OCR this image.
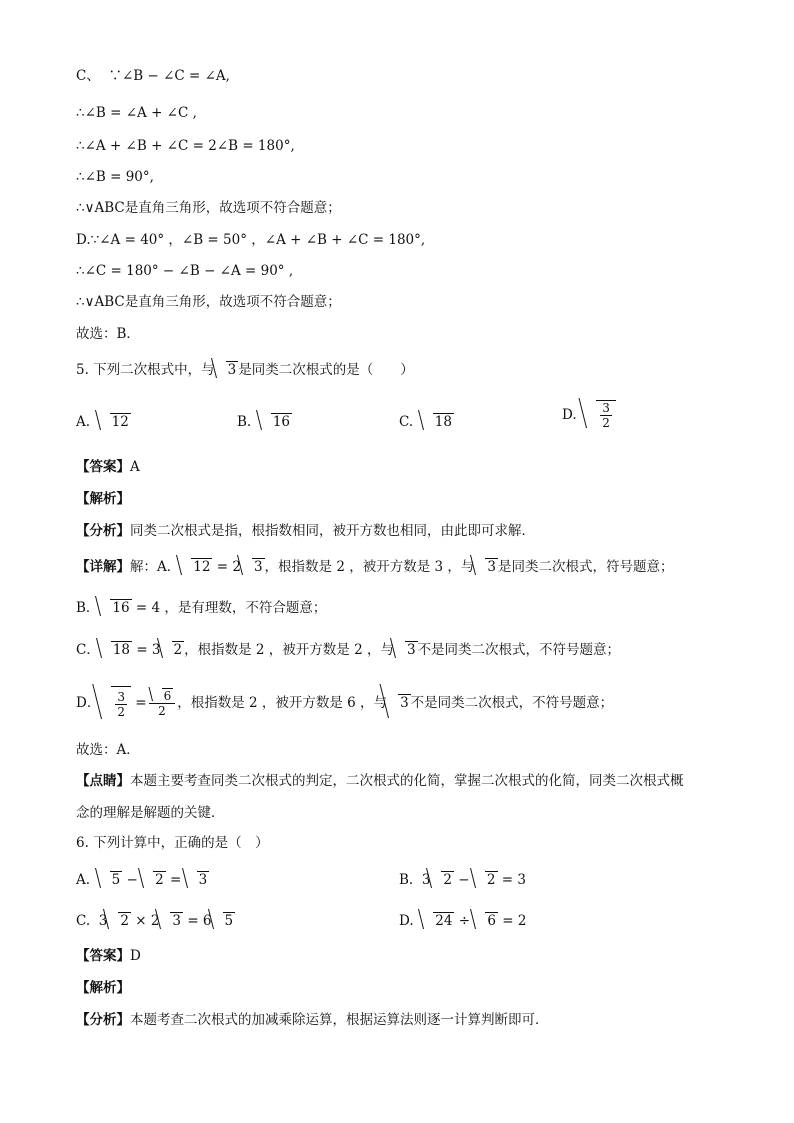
C、 ∵∠B − ∠C = ∠A,
∴∠B = ∠A + ∠C ,
∴∠A + ∠B + ∠C = 2∠B = 180°,
∴∠B = 90°,
∴∨ABC是直角三角形，故选项不符合题意；
D.∵∠A = 40° ，∠B = 50° ，∠A + ∠B + ∠C = 180°,
∴∠C = 180° − ∠B − ∠A = 90° ,
∴∨ABC是直角三角形，故选项不符合题意；
故选：B．
5. 下列二次根式中，与 3 是同类二次根式的是（　　）
A. 12	B. 16	C. 18	D. $\frac{3}{2}$
【答案】A
【解析】
【分析】同类二次根式是指，根指数相同，被开方数也相同，由此即可求解．
【详解】解：A． 12 = 2 3 ，根指数是 2 ，被开方数是 3 ，与 3 是同类二次根式，符号题意；
B． 16 = 4 ，是有理数，不符合题意；
C． 18 = 3 2 ，根指数是 2 ，被开方数是 2 ，与 3 不是同类二次根式，不符号题意；
D． $\frac{3}{2} = \frac{6}{2}$ ，根指数是 2 ，被开方数是 6 ，与 3 不是同类二次根式，不符号题意；
故选：A．
【点睛】本题主要考查同类二次根式的判定，二次根式的化简，掌握二次根式的化简，同类二次根式概
念的理解是解题的关键．
6. 下列计算中，正确的是（　）
A. 5 − 2 = 3	B. 3 2 − 2 = 3
C. 3 2 × 2 3 = 6 5	D. 24 ÷ 6 = 2
【答案】D
【解析】
【分析】本题考查二次根式的加减乘除运算，根据运算法则逐一计算判断即可．
